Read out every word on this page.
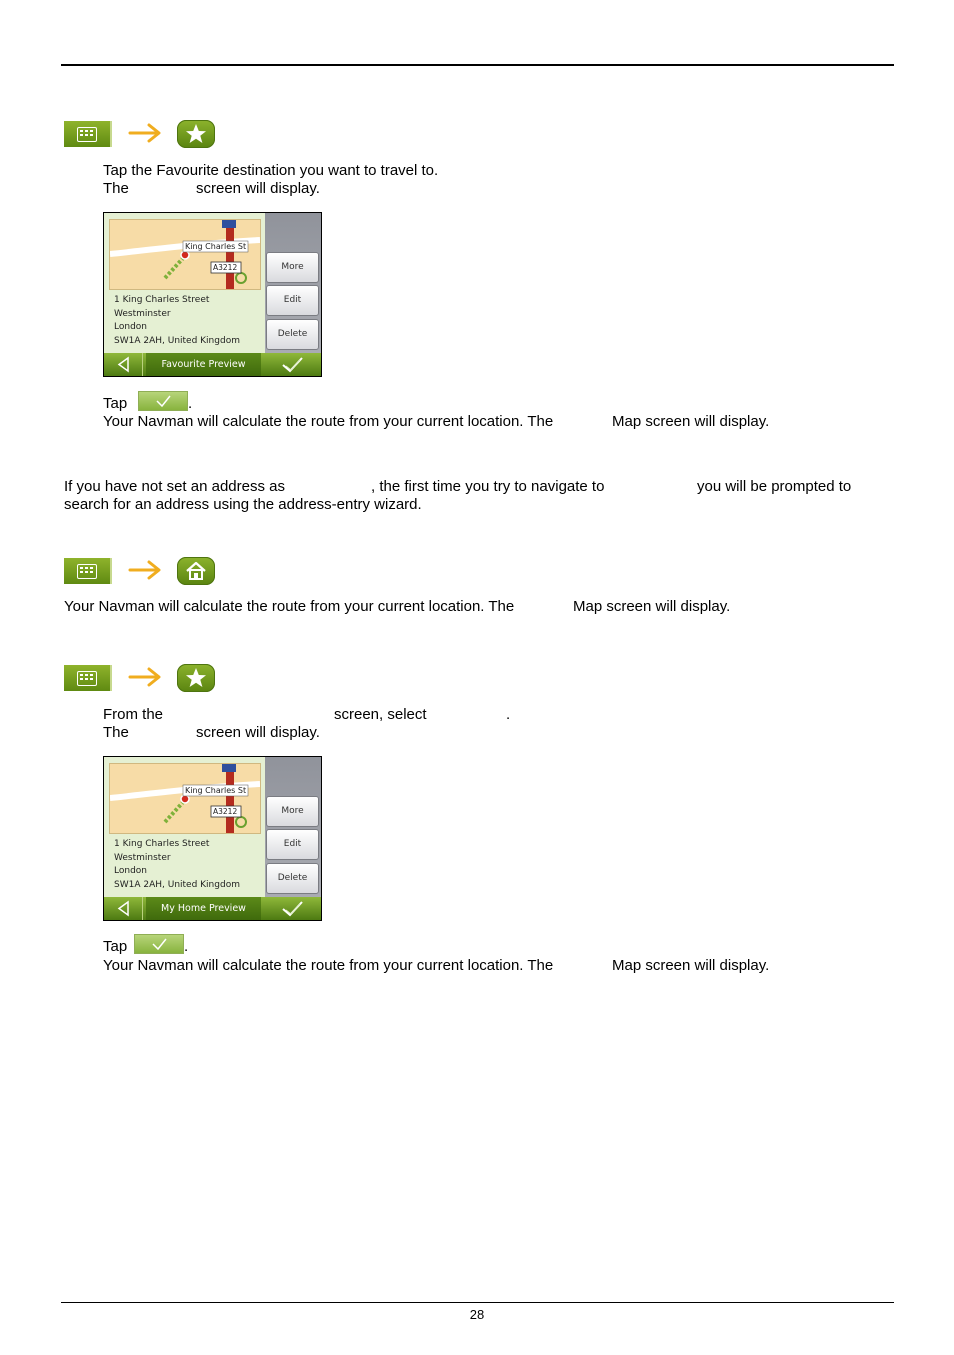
Tap the Favourite destination you want to travel to.
The	screen will display.
King Charles St
A3212
1 King Charles Street
Westminster
London
SW1A 2AH, United Kingdom
More
Edit
Delete
Favourite Preview
Tap	.
Your Navman will calculate the route from your current location. The	Map screen will display.
If you have not set an address as	, the first time you try to navigate to	you will be prompted to
search for an address using the address-entry wizard.
Your Navman will calculate the route from your current location. The	Map screen will display.
From the	screen, select	.
The	screen will display.
King Charles St
A3212
1 King Charles Street
Westminster
London
SW1A 2AH, United Kingdom
More
Edit
Delete
My Home Preview
Tap	.
Your Navman will calculate the route from your current location. The	Map screen will display.
28
